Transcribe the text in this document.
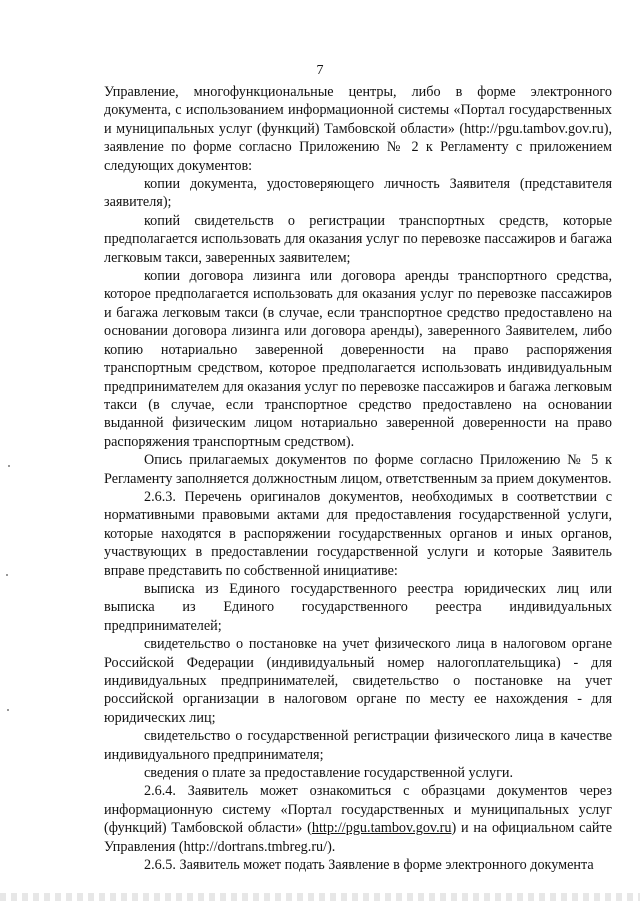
7

Управление, многофункциональные центры, либо в форме электронного документа, с использованием информационной системы «Портал государственных и муниципальных услуг (функций) Тамбовской области» (http://pgu.tambov.gov.ru), заявление по форме согласно Приложению № 2 к Регламенту с приложением следующих документов:

копии документа, удостоверяющего личность Заявителя (представителя заявителя);

копий свидетельств о регистрации транспортных средств, которые предполагается использовать для оказания услуг по перевозке пассажиров и багажа легковым такси, заверенных заявителем;

копии договора лизинга или договора аренды транспортного средства, которое предполагается использовать для оказания услуг по перевозке пассажиров и багажа легковым такси (в случае, если транспортное средство предоставлено на основании договора лизинга или договора аренды), заверенного Заявителем, либо копию нотариально заверенной доверенности на право распоряжения транспортным средством, которое предполагается использовать индивидуальным предпринимателем для оказания услуг по перевозке пассажиров и багажа легковым такси (в случае, если транспортное средство предоставлено на основании выданной физическим лицом нотариально заверенной доверенности на право распоряжения транспортным средством).

Опись прилагаемых документов по форме согласно Приложению № 5 к Регламенту заполняется должностным лицом, ответственным за прием документов.

2.6.3. Перечень оригиналов документов, необходимых в соответствии с нормативными правовыми актами для предоставления государственной услуги, которые находятся в распоряжении государственных органов и иных органов, участвующих в предоставлении государственной услуги и которые Заявитель вправе представить по собственной инициативе:

выписка из Единого государственного реестра юридических лиц или выписка из Единого государственного реестра индивидуальных предпринимателей;

свидетельство о постановке на учет физического лица в налоговом органе Российской Федерации (индивидуальный номер налогоплательщика) - для индивидуальных предпринимателей, свидетельство о постановке на учет российской организации в налоговом органе по месту ее нахождения - для юридических лиц;

свидетельство о государственной регистрации физического лица в качестве индивидуального предпринимателя;

сведения о плате за предоставление государственной услуги.

2.6.4. Заявитель может ознакомиться с образцами документов через информационную систему «Портал государственных и муниципальных услуг (функций) Тамбовской области» (http://pgu.tambov.gov.ru) и на официальном сайте Управления (http://dortrans.tmbreg.ru/).

2.6.5. Заявитель может подать Заявление в форме электронного документа
